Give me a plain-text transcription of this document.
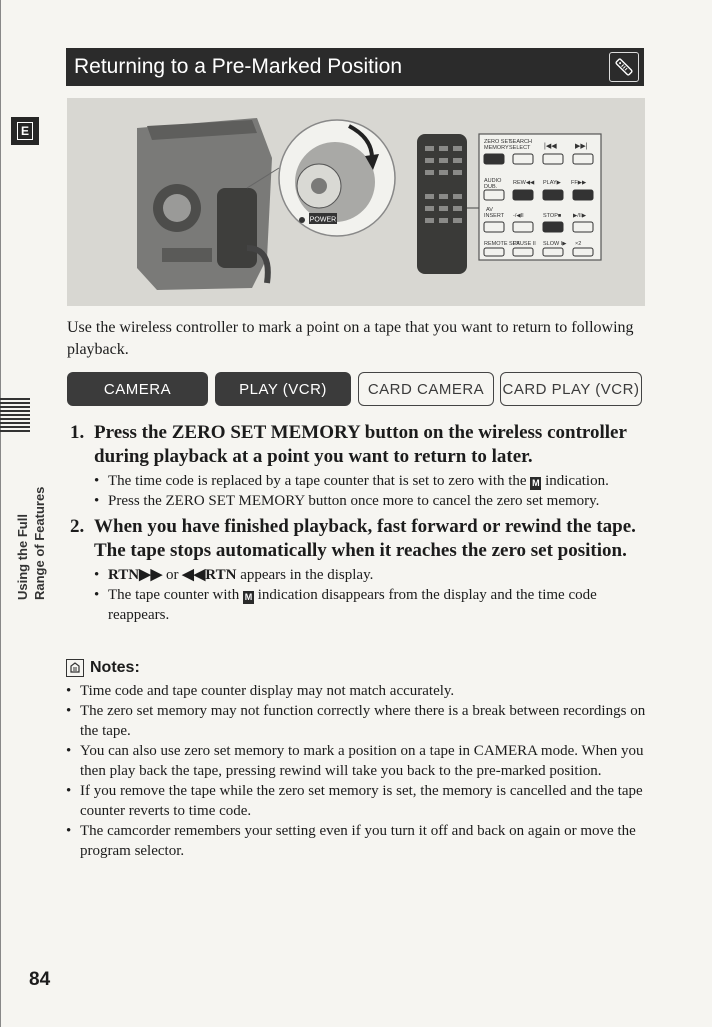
Returning to a Pre-Marked Position
E
Using the Full Range of Features
POWER
ZERO SET
SEARCH
MEMORY SELECT |◀◀	▶▶|
AUDIO
DUB.
REW◀◀ PLAY▶ FF▶▶
AV
INSERT -/◀II	STOP■ ▶/II▶
REMOTE SET
PAUSE II SLOW I▶ ×2
Use the wireless controller to mark a point on a tape that you want to return to following playback.
CAMERA	PLAY (VCR)	CARD CAMERA	CARD PLAY (VCR)
1. Press the ZERO SET MEMORY button on the wireless controller during playback at a point you want to return to later.
• The time code is replaced by a tape counter that is set to zero with the M indication.
• Press the ZERO SET MEMORY button once more to cancel the zero set memory.
2. When you have finished playback, fast forward or rewind the tape. The tape stops automatically when it reaches the zero set position.
• RTN▶▶ or ◀◀RTN appears in the display.
• The tape counter with M indication disappears from the display and the time code reappears.
Notes:
• Time code and tape counter display may not match accurately.
• The zero set memory may not function correctly where there is a break between recordings on the tape.
• You can also use zero set memory to mark a position on a tape in CAMERA mode. When you then play back the tape, pressing rewind will take you back to the pre-marked position.
• If you remove the tape while the zero set memory is set, the memory is cancelled and the tape counter reverts to time code.
• The camcorder remembers your setting even if you turn it off and back on again or move the program selector.
84
